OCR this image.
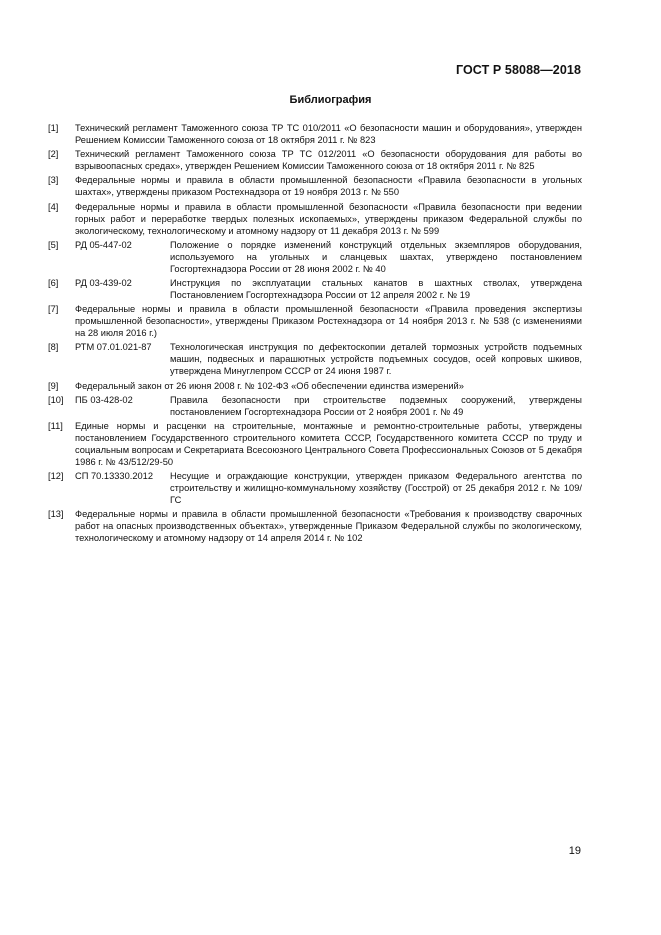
ГОСТ Р 58088—2018
Библиография
[1]	Технический регламент Таможенного союза ТР ТС 010/2011 «О безопасности машин и оборудования», утвержден Решением Комиссии Таможенного союза от 18 октября 2011 г. № 823
[2]	Технический регламент Таможенного союза ТР ТС 012/2011 «О безопасности оборудования для работы во взрывоопасных средах», утвержден Решением Комиссии Таможенного союза от 18 октября 2011 г. № 825
[3]	Федеральные нормы и правила в области промышленной безопасности «Правила безопасности в угольных шахтах», утверждены приказом Ростехнадзора от 19 ноября 2013 г. № 550
[4]	Федеральные нормы и правила в области промышленной безопасности «Правила безопасности при ведении горных работ и переработке твердых полезных ископаемых», утверждены приказом Федеральной службы по экологическому, технологическому и атомному надзору от 11 декабря 2013 г. № 599
[5]	РД 05-447-02	Положение о порядке изменений конструкций отдельных экземпляров оборудования, используемого на угольных и сланцевых шахтах, утверждено постановлением Госгортехнадзора России от 28 июня 2002 г. № 40
[6]	РД 03-439-02	Инструкция по эксплуатации стальных канатов в шахтных стволах, утверждена Постановлением Госгортехнадзора России от 12 апреля 2002 г. № 19
[7]	Федеральные нормы и правила в области промышленной безопасности «Правила проведения экспертизы промышленной безопасности», утверждены Приказом Ростехнадзора от 14 ноября 2013 г. № 538 (с изменениями на 28 июля 2016 г.)
[8]	РТМ 07.01.021-87	Технологическая инструкция по дефектоскопии деталей тормозных устройств подъемных машин, подвесных и парашютных устройств подъемных сосудов, осей копровых шкивов, утверждена Минуглепром СССР от 24 июня 1987 г.
[9]	Федеральный закон от 26 июня 2008 г. № 102-ФЗ «Об обеспечении единства измерений»
[10]	ПБ 03-428-02	Правила безопасности при строительстве подземных сооружений, утверждены постановлением Госгортехнадзора России от 2 ноября 2001 г. № 49
[11]	Единые нормы и расценки на строительные, монтажные и ремонтно-строительные работы, утверждены постановлением Государственного строительного комитета СССР, Государственного комитета СССР по труду и социальным вопросам и Секретариата Всесоюзного Центрального Совета Профессиональных Союзов от 5 декабря 1986 г. № 43/512/29-50
[12]	СП 70.13330.2012	Несущие и ограждающие конструкции, утвержден приказом Федерального агентства по строительству и жилищно-коммунальному хозяйству (Госстрой) от 25 декабря 2012 г. № 109/ГС
[13]	Федеральные нормы и правила в области промышленной безопасности «Требования к производству сварочных работ на опасных производственных объектах», утвержденные Приказом Федеральной службы по экологическому, технологическому и атомному надзору от 14 апреля 2014 г. № 102
19
